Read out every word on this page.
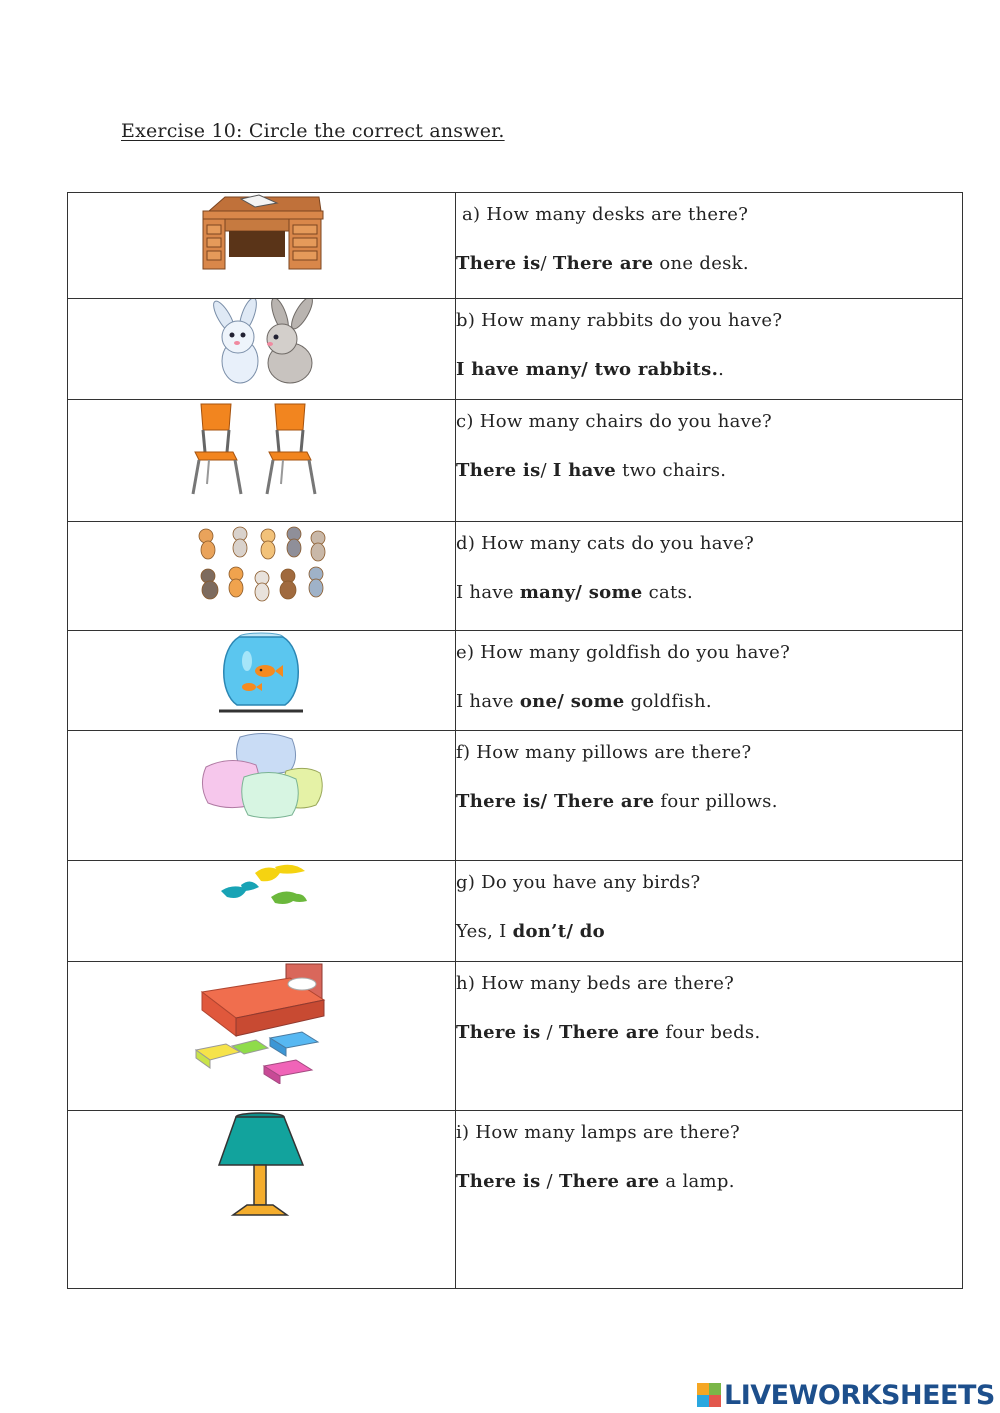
Exercise 10: Circle the correct answer.

a) How many desks are there?
There is/ There are one desk.

b) How many rabbits do you have?
I have many/ two rabbits..

c) How many chairs do you have?
There is/ I have two chairs.

d) How many cats do you have?
I have many/ some cats.

e) How many goldfish do you have?
I have one/ some goldfish.

f) How many pillows are there?
There is/ There are four pillows.

g) Do you have any birds?
Yes, I don’t/ do

h) How many beds are there?
There is / There are four beds.

i) How many lamps are there?
There is / There are a lamp.
LIVEWORKSHEETS
